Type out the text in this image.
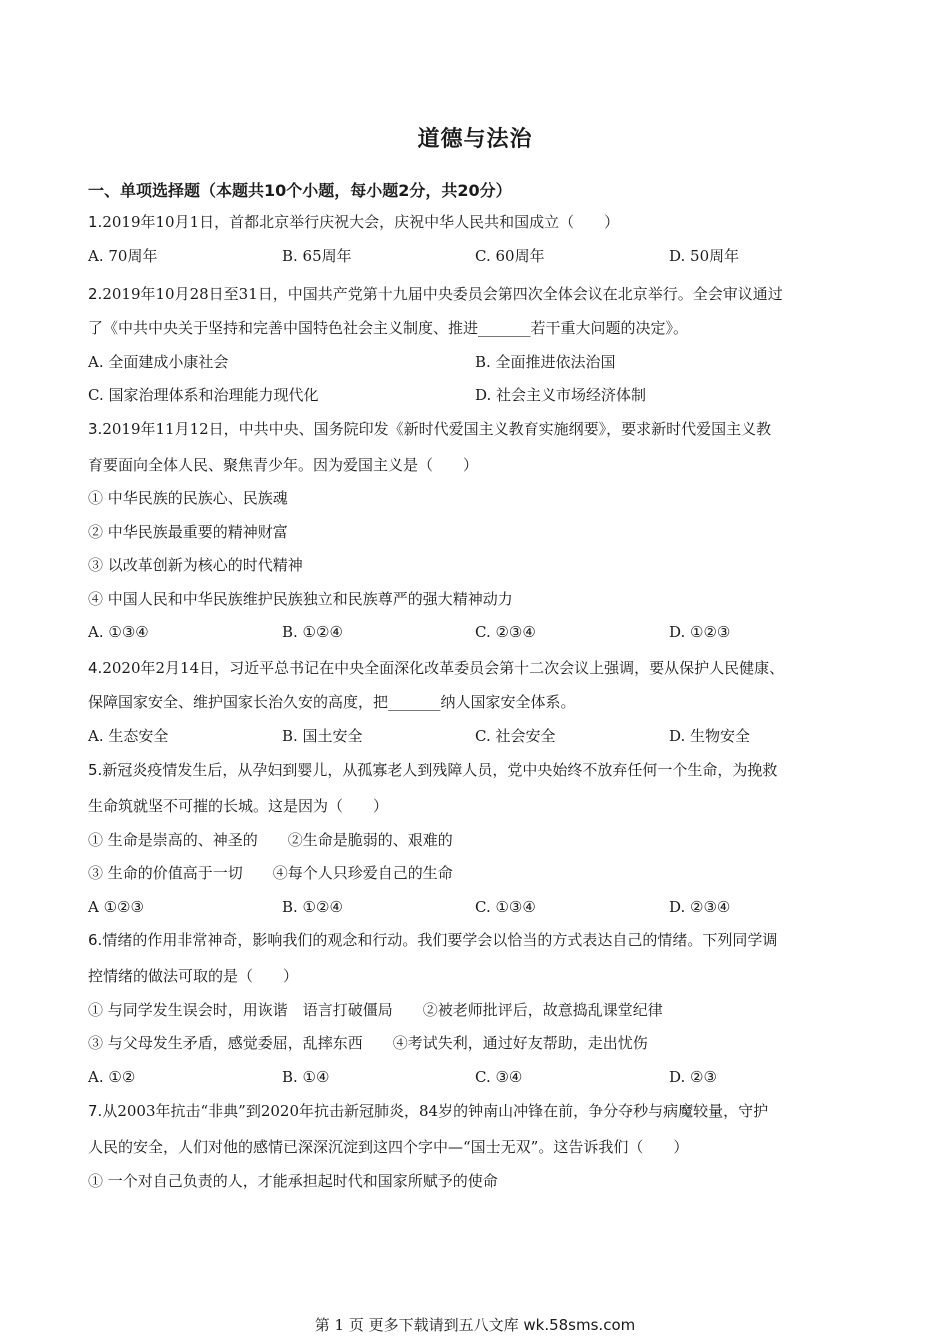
道德与法治
一、单项选择题（本题共10个小题，每小题2分，共20分）
1.2019年10月1日，首都北京举行庆祝大会，庆祝中华人民共和国成立（　　）
A. 70周年	B. 65周年	C. 60周年	D. 50周年
2.2019年10月28日至31日，中国共产党第十九届中央委员会第四次全体会议在北京举行。全会审议通过
了《中共中央关于坚持和完善中国特色社会主义制度、推进_______若干重大问题的决定》。
A. 全面建成小康社会	B. 全面推进依法治国
C. 国家治理体系和治理能力现代化	D. 社会主义市场经济体制
3.2019年11月12日，中共中央、国务院印发《新时代爱国主义教育实施纲要》，要求新时代爱国主义教
育要面向全体人民、聚焦青少年。因为爱国主义是（　　）
① 中华民族的民族心、民族魂
② 中华民族最重要的精神财富
③ 以改革创新为核心的时代精神
④ 中国人民和中华民族维护民族独立和民族尊严的强大精神动力
A. ①③④	B. ①②④	C. ②③④	D. ①②③
4.2020年2月14日，习近平总书记在中央全面深化改革委员会第十二次会议上强调，要从保护人民健康、
保障国家安全、维护国家长治久安的高度，把_______纳人国家安全体系。
A. 生态安全	B. 国土安全	C. 社会安全	D. 生物安全
5.新冠炎疫情发生后，从孕妇到婴儿，从孤寡老人到残障人员，党中央始终不放弃任何一个生命，为挽救
生命筑就坚不可摧的长城。这是因为（　　）
① 生命是崇高的、神圣的　　②生命是脆弱的、艰难的
③ 生命的价值高于一切　　④每个人只珍爱自己的生命
A ①②③	B. ①②④	C. ①③④	D. ②③④
6.情绪的作用非常神奇，影响我们的观念和行动。我们要学会以恰当的方式表达自己的情绪。下列同学调
控情绪的做法可取的是（　　）
① 与同学发生误会时，用诙谐　语言打破僵局　　②被老师批评后，故意捣乱课堂纪律
③ 与父母发生矛盾，感觉委屈，乱摔东西　　④考试失利，通过好友帮助，走出忧伤
A. ①②	B. ①④	C. ③④	D. ②③
7.从2003年抗击“非典”到2020年抗击新冠肺炎，84岁的钟南山冲锋在前，争分夺秒与病魔较量，守护
人民的安全，人们对他的感情已深深沉淀到这四个字中—“国士无双”。这告诉我们（　　）
① 一个对自己负责的人，才能承担起时代和国家所赋予的使命
第 1 页 更多下载请到五八文库 wk.58sms.com
